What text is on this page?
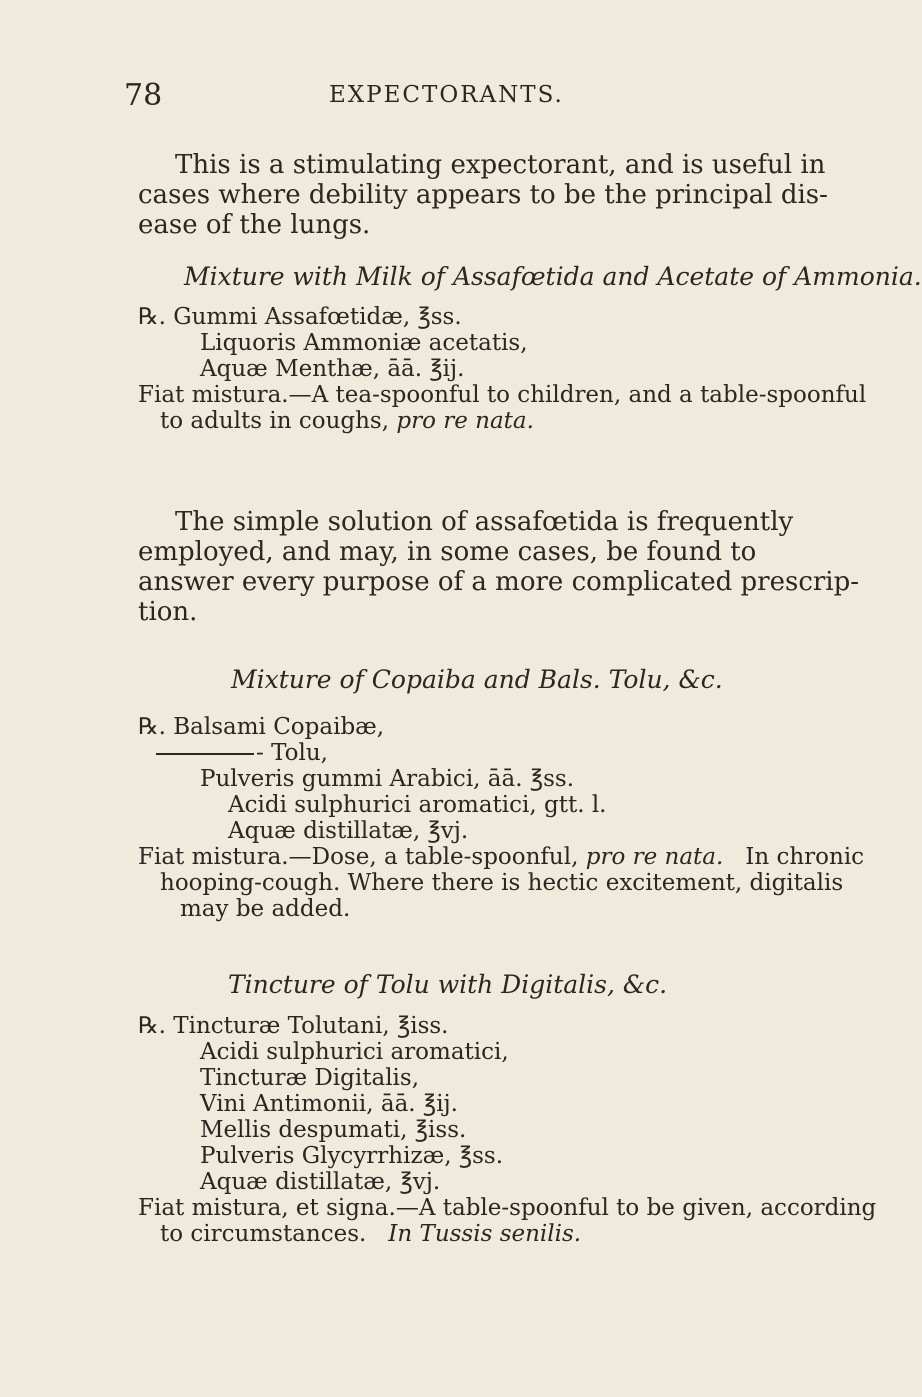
78	EXPECTORANTS.
This is a stimulating expectorant, and is useful in
cases where debility appears to be the principal dis-
ease of the lungs.
Mixture with Milk of Assafœtida and Acetate of Ammonia.
℞. Gummi Assafœtidæ, ℥ss.
Liquoris Ammoniæ acetatis,
Aquæ Menthæ, āā. ℥ij.
Fiat mistura.—A tea-spoonful to children, and a table-spoonful
to adults in coughs, pro re nata.
The simple solution of assafœtida is frequently
employed, and may, in some cases, be found to
answer every purpose of a more complicated prescrip-
tion.
Mixture of Copaiba and Bals. Tolu, &c.
℞. Balsami Copaibæ,
- Tolu,
Pulveris gummi Arabici, āā. ℥ss.
Acidi sulphurici aromatici, gtt. l.
Aquæ distillatæ, ℥vj.
Fiat mistura.—Dose, a table-spoonful, pro re nata. In chronic
hooping-cough. Where there is hectic excitement, digitalis
may be added.
Tincture of Tolu with Digitalis, &c.
℞. Tincturæ Tolutani, ℥iss.
Acidi sulphurici aromatici,
Tincturæ Digitalis,
Vini Antimonii, āā. ℥ij.
Mellis despumati, ℥iss.
Pulveris Glycyrrhizæ, ℥ss.
Aquæ distillatæ, ℥vj.
Fiat mistura, et signa.—A table-spoonful to be given, according
to circumstances. In Tussis senilis.
